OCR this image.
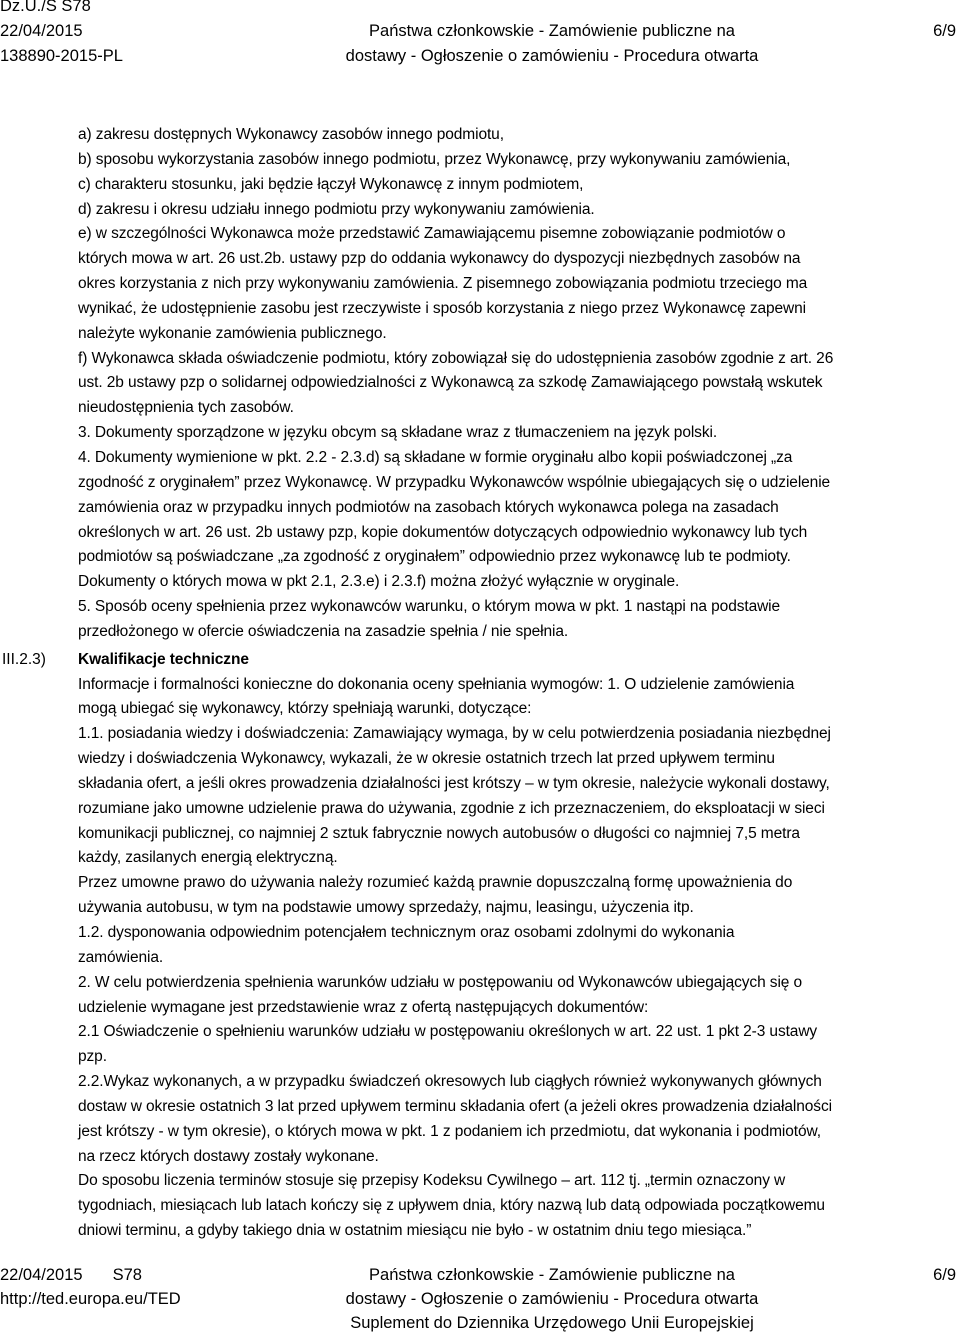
Dz.U./S S78
22/04/2015
138890-2015-PL
Państwa członkowskie - Zamówienie publiczne na
dostawy - Ogłoszenie o zamówieniu - Procedura otwarta
6/9
III.2.3)

a) zakresu dostępnych Wykonawcy zasobów innego podmiotu,

b) sposobu wykorzystania zasobów innego podmiotu, przez Wykonawcę, przy wykonywaniu zamówienia,

c) charakteru stosunku, jaki będzie łączył Wykonawcę z innym podmiotem,

d) zakresu i okresu udziału innego podmiotu przy wykonywaniu zamówienia.

e) w szczególności Wykonawca może przedstawić Zamawiającemu pisemne zobowiązanie podmiotów o

których mowa w art. 26 ust.2b. ustawy pzp do oddania wykonawcy do dyspozycji niezbędnych zasobów na

okres korzystania z nich przy wykonywaniu zamówienia. Z pisemnego zobowiązania podmiotu trzeciego ma

wynikać, że udostępnienie zasobu jest rzeczywiste i sposób korzystania z niego przez Wykonawcę zapewni

należyte wykonanie zamówienia publicznego.

f) Wykonawca składa oświadczenie podmiotu, który zobowiązał się do udostępnienia zasobów zgodnie z art. 26

ust. 2b ustawy pzp o solidarnej odpowiedzialności z Wykonawcą za szkodę Zamawiającego powstałą wskutek

nieudostępnienia tych zasobów.

3. Dokumenty sporządzone w języku obcym są składane wraz z tłumaczeniem na język polski.

4. Dokumenty wymienione w pkt. 2.2 - 2.3.d) są składane w formie oryginału albo kopii poświadczonej „za

zgodność z oryginałem” przez Wykonawcę. W przypadku Wykonawców wspólnie ubiegających się o udzielenie

zamówienia oraz w przypadku innych podmiotów na zasobach których wykonawca polega na zasadach

określonych w art. 26 ust. 2b ustawy pzp, kopie dokumentów dotyczących odpowiednio wykonawcy lub tych

podmiotów są poświadczane „za zgodność z oryginałem” odpowiednio przez wykonawcę lub te podmioty.

Dokumenty o których mowa w pkt 2.1, 2.3.e) i 2.3.f) można złożyć wyłącznie w oryginale.

5. Sposób oceny spełnienia przez wykonawców warunku, o którym mowa w pkt. 1 nastąpi na podstawie

przedłożonego w ofercie oświadczenia na zasadzie spełnia / nie spełnia.

Kwalifikacje techniczne

Informacje i formalności konieczne do dokonania oceny spełniania wymogów: 1. O udzielenie zamówienia

mogą ubiegać się wykonawcy, którzy spełniają warunki, dotyczące:

1.1. posiadania wiedzy i doświadczenia: Zamawiający wymaga, by w celu potwierdzenia posiadania niezbędnej

wiedzy i doświadczenia Wykonawcy, wykazali, że w okresie ostatnich trzech lat przed upływem terminu

składania ofert, a jeśli okres prowadzenia działalności jest krótszy – w tym okresie, należycie wykonali dostawy,

rozumiane jako umowne udzielenie prawa do używania, zgodnie z ich przeznaczeniem, do eksploatacji w sieci

komunikacji publicznej, co najmniej 2 sztuk fabrycznie nowych autobusów o długości co najmniej 7,5 metra

każdy, zasilanych energią elektryczną.

Przez umowne prawo do używania należy rozumieć każdą prawnie dopuszczalną formę upoważnienia do

używania autobusu, w tym na podstawie umowy sprzedaży, najmu, leasingu, użyczenia itp.

1.2. dysponowania odpowiednim potencjałem technicznym oraz osobami zdolnymi do wykonania

zamówienia.

2. W celu potwierdzenia spełnienia warunków udziału w postępowaniu od Wykonawców ubiegających się o

udzielenie wymagane jest przedstawienie wraz z ofertą następujących dokumentów:

2.1 Oświadczenie o spełnieniu warunków udziału w postępowaniu określonych w art. 22 ust. 1 pkt 2-3 ustawy

pzp.

2.2.Wykaz wykonanych, a w przypadku świadczeń okresowych lub ciągłych również wykonywanych głównych

dostaw w okresie ostatnich 3 lat przed upływem terminu składania ofert (a jeżeli okres prowadzenia działalności

jest krótszy - w tym okresie), o których mowa w pkt. 1 z podaniem ich przedmiotu, dat wykonania i podmiotów,

na rzecz których dostawy zostały wykonane.

Do sposobu liczenia terminów stosuje się przepisy Kodeksu Cywilnego – art. 112 tj. „termin oznaczony w

tygodniach, miesiącach lub latach kończy się z upływem dnia, który nazwą lub datą odpowiada początkowemu

dniowi terminu, a gdyby takiego dnia w ostatnim miesiącu nie było - w ostatnim dniu tego miesiąca.”

22/04/2015 S78
http://ted.europa.eu/TED
Państwa członkowskie - Zamówienie publiczne na
dostawy - Ogłoszenie o zamówieniu - Procedura otwarta
Suplement do Dziennika Urzędowego Unii Europejskiej
6/9
